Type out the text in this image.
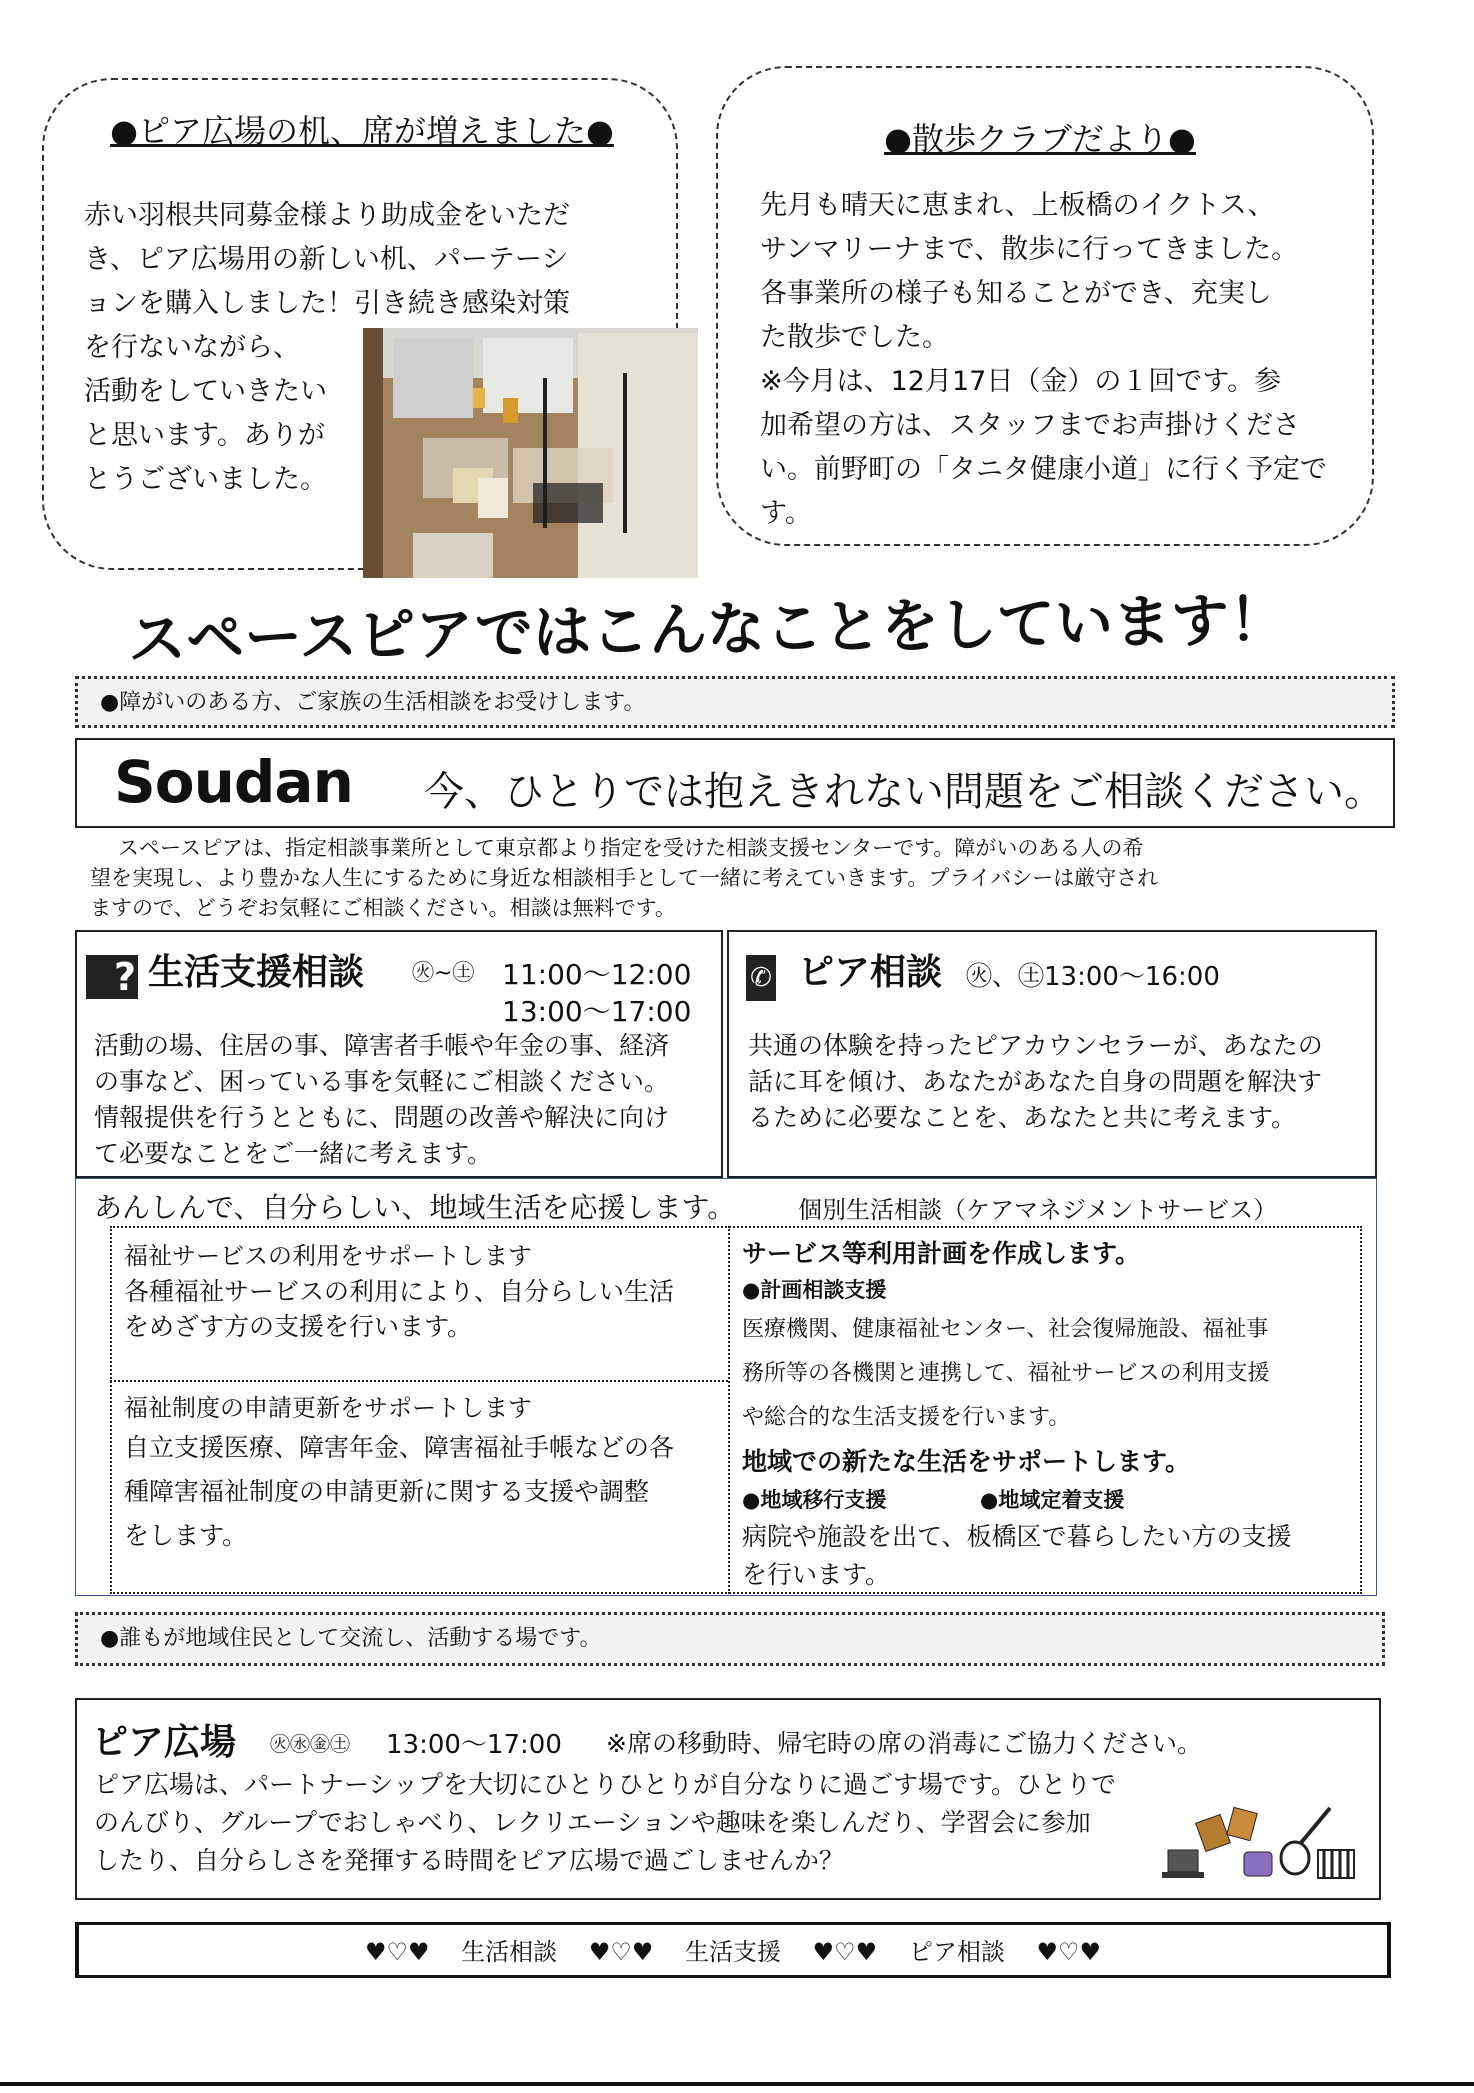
●ピア広場の机、席が増えました●
赤い羽根共同募金様より助成金をいただ
き、ピア広場用の新しい机、パーテーシ
ョンを購入しました！引き続き感染対策
を行ないながら、
活動をしていきたい
と思います。ありが
とうございました。
●散歩クラブだより●
先月も晴天に恵まれ、上板橋のイクトス、
サンマリーナまで、散歩に行ってきました。
各事業所の様子も知ることができ、充実し
た散歩でした。
※今月は、12月17日（金）の１回です。参
加希望の方は、スタッフまでお声掛けくださ
い。前野町の「タニタ健康小道」に行く予定で
す。
スペースピアではこんなことをしています！
●障がいのある方、ご家族の生活相談をお受けします。
Soudan 今、ひとりでは抱えきれない問題をご相談ください。
スペースピアは、指定相談事業所として東京都より指定を受けた相談支援センターです。障がいのある人の希
望を実現し、より豊かな人生にするために身近な相談相手として一緒に考えていきます。プライバシーは厳守され
ますので、どうぞお気軽にご相談ください。相談は無料です。
? 生活支援相談 ㊋~㊏ 11:00～12:00
13:00～17:00
活動の場、住居の事、障害者手帳や年金の事、経済
の事など、困っている事を気軽にご相談ください。
情報提供を行うとともに、問題の改善や解決に向け
て必要なことをご一緒に考えます。
✆ ピア相談 ㊋、㊏13:00～16:00
共通の体験を持ったピアカウンセラーが、あなたの
話に耳を傾け、あなたがあなた自身の問題を解決す
るために必要なことを、あなたと共に考えます。
あんしんで、自分らしい、地域生活を応援します。	個別生活相談（ケアマネジメントサービス）
福祉サービスの利用をサポートします
各種福祉サービスの利用により、自分らしい生活
をめざす方の支援を行います。
福祉制度の申請更新をサポートします
自立支援医療、障害年金、障害福祉手帳などの各
種障害福祉制度の申請更新に関する支援や調整
をします。
サービス等利用計画を作成します。
●計画相談支援
医療機関、健康福祉センター、社会復帰施設、福祉事
務所等の各機関と連携して、福祉サービスの利用支援
や総合的な生活支援を行います。
地域での新たな生活をサポートします。
●地域移行支援	●地域定着支援
病院や施設を出て、板橋区で暮らしたい方の支援
を行います。
●誰もが地域住民として交流し、活動する場です。
ピア広場 ㊋㊌㊎㊏ 13:00～17:00 ※席の移動時、帰宅時の席の消毒にご協力ください。
ピア広場は、パートナーシップを大切にひとりひとりが自分なりに過ごす場です。ひとりで
のんびり、グループでおしゃべり、レクリエーションや趣味を楽しんだり、学習会に参加
したり、自分らしさを発揮する時間をピア広場で過ごしませんか？
♥♡♥ 生活相談 ♥♡♥ 生活支援 ♥♡♥ ピア相談 ♥♡♥
